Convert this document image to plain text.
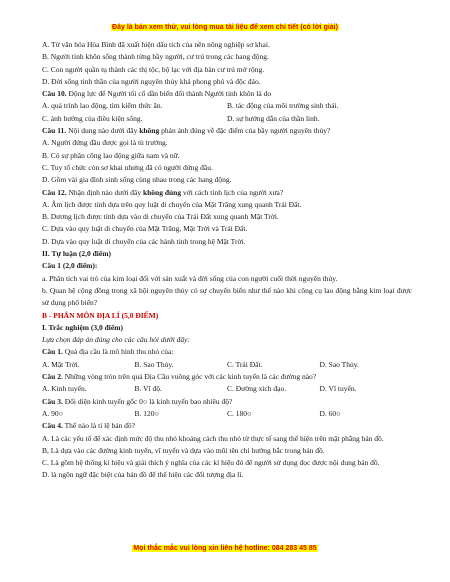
Đây là bản xem thử, vui lòng mua tài liệu để xem chi tiết (có lời giải)
A. Từ văn hóa Hòa Bình đã xuất hiện dấu tích của nền nông nghiệp sơ khai.
B. Người tinh khôn sống thành từng bầy người, cư trú trong các hang động.
C. Con người quần tụ thành các thị tộc, bộ lạc với địa bàn cư trú mở rộng.
D. Đời sống tinh thần của người nguyên thủy khá phong phú và độc đáo.
Câu 10. Động lực để Người tối cổ dần biến đổi thành Người tinh khôn là do
A. quá trình lao động, tìm kiếm thức ăn.	B. tác động của môi trường sinh thái.
C. ảnh hưởng của điều kiện sống.	D. sự hướng dẫn của thần linh.
Câu 11. Nội dung nào dưới đây không phản ánh đúng về đặc điểm của bầy người nguyên thủy?
A. Người đứng đầu được gọi là tù trưởng.
B. Có sự phân công lao động giữa nam và nữ.
C. Tuy tổ chức còn sơ khai nhưng đã có người đứng đầu.
D. Gồm vài gia đình sinh sống cùng nhau trong các hang động.
Câu 12. Nhận định nào dưới đây không đúng với cách tính lịch của người xưa?
A. Âm lịch được tính dựa trên quy luật di chuyển của Mặt Trăng xung quanh Trái Đất.
B. Dương lịch được tính dựa vào di chuyển của Trái Đất xung quanh Mặt Trời.
C. Dựa vào quy luật di chuyển của Mặt Trăng, Mặt Trời và Trái Đất.
D. Dựa vào quy luật di chuyển của các hành tinh trong hệ Mặt Trời.
II. Tự luận (2,0 điểm)
Câu 1 (2,0 điểm):
a. Phân tích vai trò của kim loại đối với sản xuất và đời sống của con người cuối thời nguyên thủy.
b. Quan hệ cộng đồng trong xã hội nguyên thủy có sự chuyển biến như thế nào khi công cụ lao động bằng kim loại được sử dụng phổ biến?
B - PHÂN MÔN ĐỊA LÍ (5,0 ĐIỂM)
I. Trắc nghiệm (3,0 điểm)
Lựa chọn đáp án đúng cho các câu hỏi dưới đây:
Câu 1. Quả địa cầu là mô hình thu nhỏ của:
A. Mặt Trời.	B. Sao Thủy.	C. Trái Đất.	D. Sao Thủy.
Câu 2. Những vòng tròn trên quả Địa Cầu vuông góc với các kinh tuyến là các đường nào?
A. Kinh tuyến.	B. Vĩ độ.	C. Đường xích đạo.	D. Vĩ tuyến.
Câu 3. Đối diện kinh tuyến gốc 0○ là kinh tuyến bao nhiêu độ?
A. 90○	B. 120○	C. 180○	D. 60○
Câu 4. Thế nào là tỉ lệ bản đồ?
A. Là các yếu tố để xác định mức độ thu nhỏ khoảng cách thu nhỏ từ thực tế sang thể hiện trên mặt phẳng bản đồ.
B, Là dựa vào các đường kinh tuyến, vĩ tuyến và dựa vào mũi tên chỉ hướng bắc trong bản đồ.
C. Là gồm hệ thống kí hiệu và giải thích ý nghĩa của các kí hiệu đó để người sử dụng đọc được nội dung bản đồ.
D. là ngôn ngữ đặc biệt của bản đồ để thể hiện các đối tượng địa lí.
Mọi thắc mắc vui lòng xin liên hệ hotline: 084 283 45 85
